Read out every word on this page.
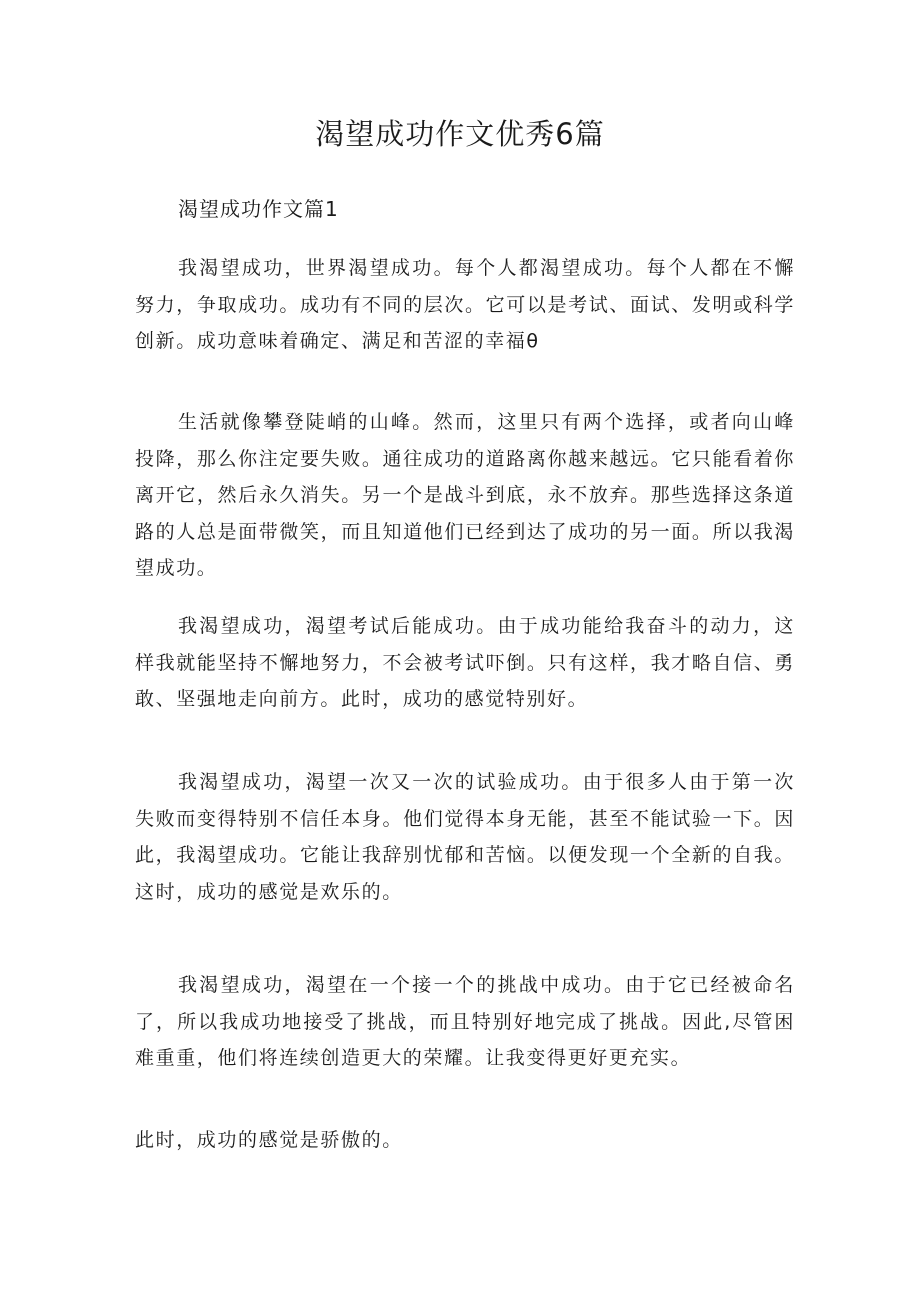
渴望成功作文优秀6篇
渴望成功作文篇1

我渴望成功，世界渴望成功。每个人都渴望成功。每个人都在不懈努力，争取成功。成功有不同的层次。它可以是考试、面试、发明或科学创新。成功意味着确定、满足和苦涩的幸福θ

生活就像攀登陡峭的山峰。然而，这里只有两个选择，或者向山峰投降，那么你注定要失败。通往成功的道路离你越来越远。它只能看着你离开它，然后永久消失。另一个是战斗到底，永不放弃。那些选择这条道路的人总是面带微笑，而且知道他们已经到达了成功的另一面。所以我渴望成功。

我渴望成功，渴望考试后能成功。由于成功能给我奋斗的动力，这样我就能坚持不懈地努力，不会被考试吓倒。只有这样，我才略自信、勇敢、坚强地走向前方。此时，成功的感觉特别好。

我渴望成功，渴望一次又一次的试验成功。由于很多人由于第一次失败而变得特别不信任本身。他们觉得本身无能，甚至不能试验一下。因此，我渴望成功。它能让我辞别忧郁和苦恼。以便发现一个全新的自我。这时，成功的感觉是欢乐的。

我渴望成功，渴望在一个接一个的挑战中成功。由于它已经被命名了，所以我成功地接受了挑战，而且特别好地完成了挑战。因此,尽管困难重重，他们将连续创造更大的荣耀。让我变得更好更充实。

此时，成功的感觉是骄傲的。
